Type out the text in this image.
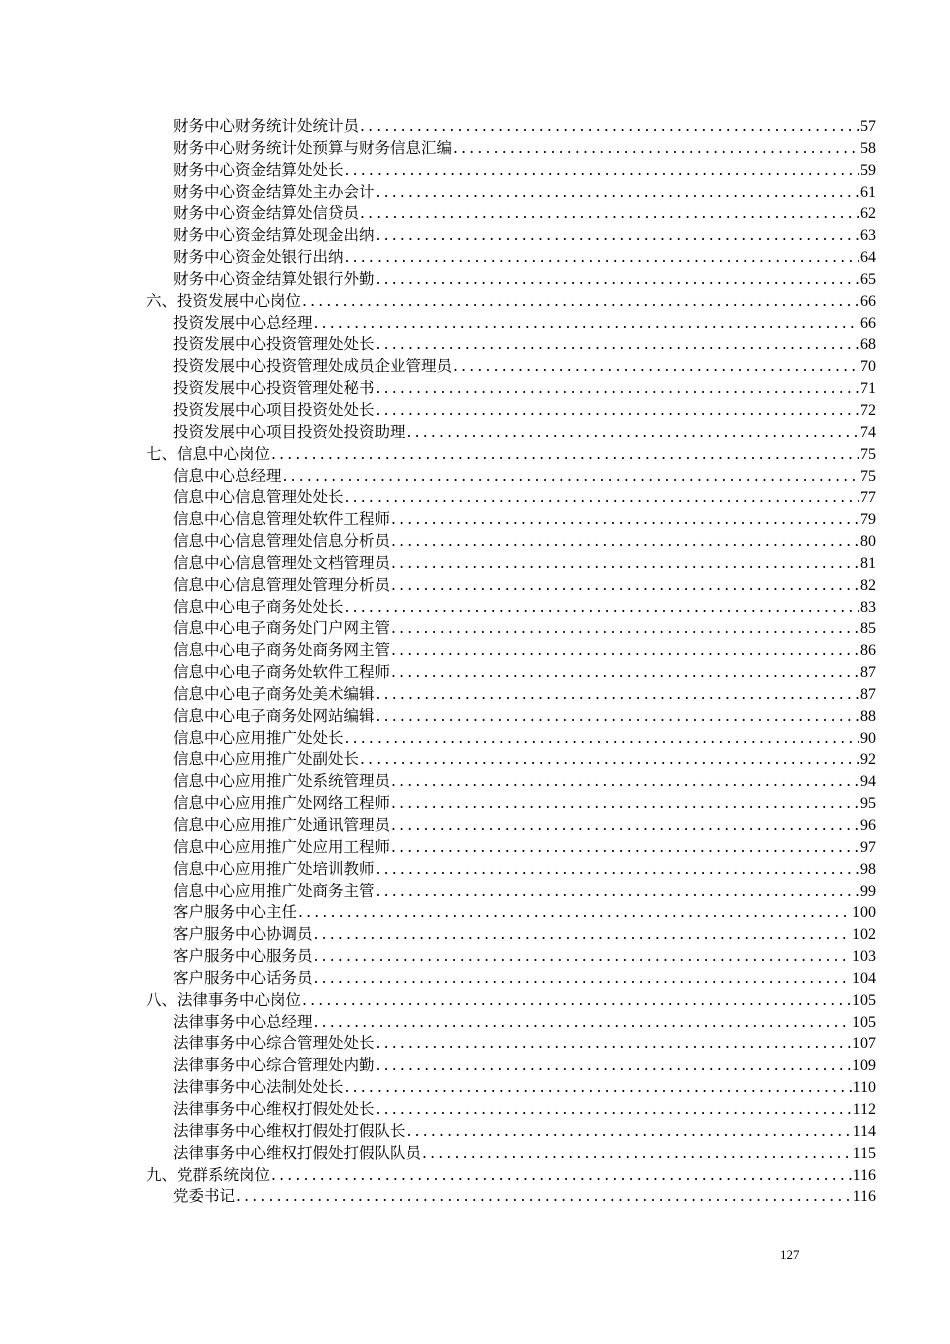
财务中心财务统计处统计员 .....	57
财务中心财务统计处预算与财务信息汇编 .....	58
财务中心资金结算处处长 .....	59
财务中心资金结算处主办会计 .....	61
财务中心资金结算处信贷员 .....	62
财务中心资金结算处现金出纳 .....	63
财务中心资金处银行出纳 .....	64
财务中心资金结算处银行外勤 .....	65
六、投资发展中心岗位 .....	66
投资发展中心总经理 .....	66
投资发展中心投资管理处处长 .....	68
投资发展中心投资管理处成员企业管理员 .....	70
投资发展中心投资管理处秘书 .....	71
投资发展中心项目投资处处长 .....	72
投资发展中心项目投资处投资助理 .....	74
七、信息中心岗位 .....	75
信息中心总经理 .....	75
信息中心信息管理处处长 .....	77
信息中心信息管理处软件工程师 .....	79
信息中心信息管理处信息分析员 .....	80
信息中心信息管理处文档管理员 .....	81
信息中心信息管理处管理分析员 .....	82
信息中心电子商务处处长 .....	83
信息中心电子商务处门户网主管 .....	85
信息中心电子商务处商务网主管 .....	86
信息中心电子商务处软件工程师 .....	87
信息中心电子商务处美术编辑 .....	87
信息中心电子商务处网站编辑 .....	88
信息中心应用推广处处长 .....	90
信息中心应用推广处副处长 .....	92
信息中心应用推广处系统管理员 .....	94
信息中心应用推广处网络工程师 .....	95
信息中心应用推广处通讯管理员 .....	96
信息中心应用推广处应用工程师 .....	97
信息中心应用推广处培训教师 .....	98
信息中心应用推广处商务主管 .....	99
客户服务中心主任 .....	100
客户服务中心协调员 .....	102
客户服务中心服务员 .....	103
客户服务中心话务员 .....	104
八、法律事务中心岗位 .....	105
法律事务中心总经理 .....	105
法律事务中心综合管理处处长 .....	107
法律事务中心综合管理处内勤 .....	109
法律事务中心法制处处长 .....	110
法律事务中心维权打假处处长 .....	112
法律事务中心维权打假处打假队长 .....	114
法律事务中心维权打假处打假队队员 .....	115
九、党群系统岗位 .....	116
党委书记 .....	116
127
